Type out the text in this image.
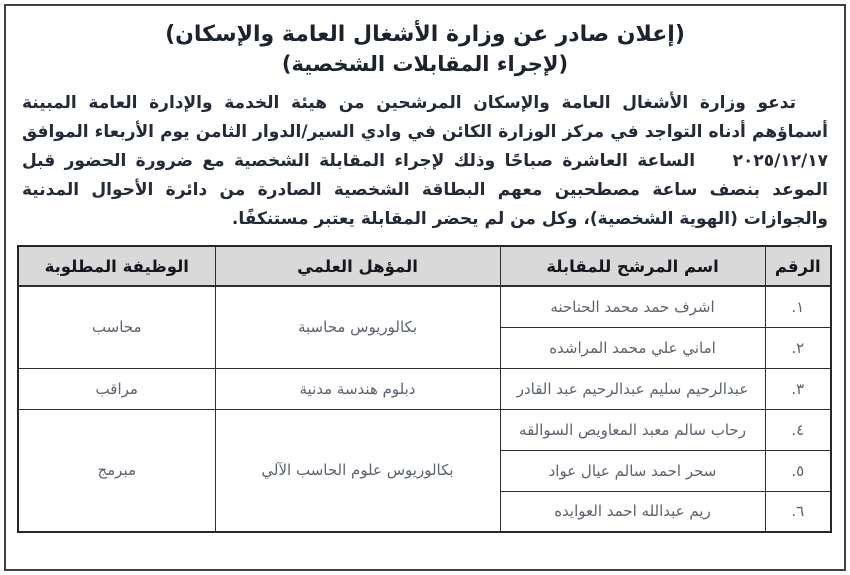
(إعلان صادر عن وزارة الأشغال العامة والإسكان)
(لإجراء المقابلات الشخصية)

تدعو وزارة الأشغال العامة والإسكان المرشحين من هيئة الخدمة والإدارة العامة المبينة أسماؤهم أدناه التواجد في مركز الوزارة الكائن في وادي السير/الدوار الثامن يوم الأربعاء الموافق ٢٠٢٥/١٢/١٧    الساعة العاشرة صباحًا وذلك لإجراء المقابلة الشخصية مع ضرورة الحضور قبل الموعد بنصف ساعة مصطحبين معهم البطاقة الشخصية الصادرة من دائرة الأحوال المدنية والجوازات (الهوية الشخصية)، وكل من لم يحضر المقابلة يعتبر مستنكفًا.

الرقم	اسم المرشح للمقابلة	المؤهل العلمي	الوظيفة المطلوبة
١.	اشرف حمد محمد الحناحنه	بكالوريوس محاسبة	محاسب
٢.	اماني علي محمد المراشده		
٣.	عبدالرحيم سليم عبدالرحيم عبد القادر	دبلوم هندسة مدنية	مراقب
٤.	رحاب سالم معبد المعاويص السوالقه	بكالوريوس علوم الحاسب الآلي	مبرمج
٥.	سحر احمد سالم عيال عواد		
٦.	ريم عبدالله احمد العوايده		
